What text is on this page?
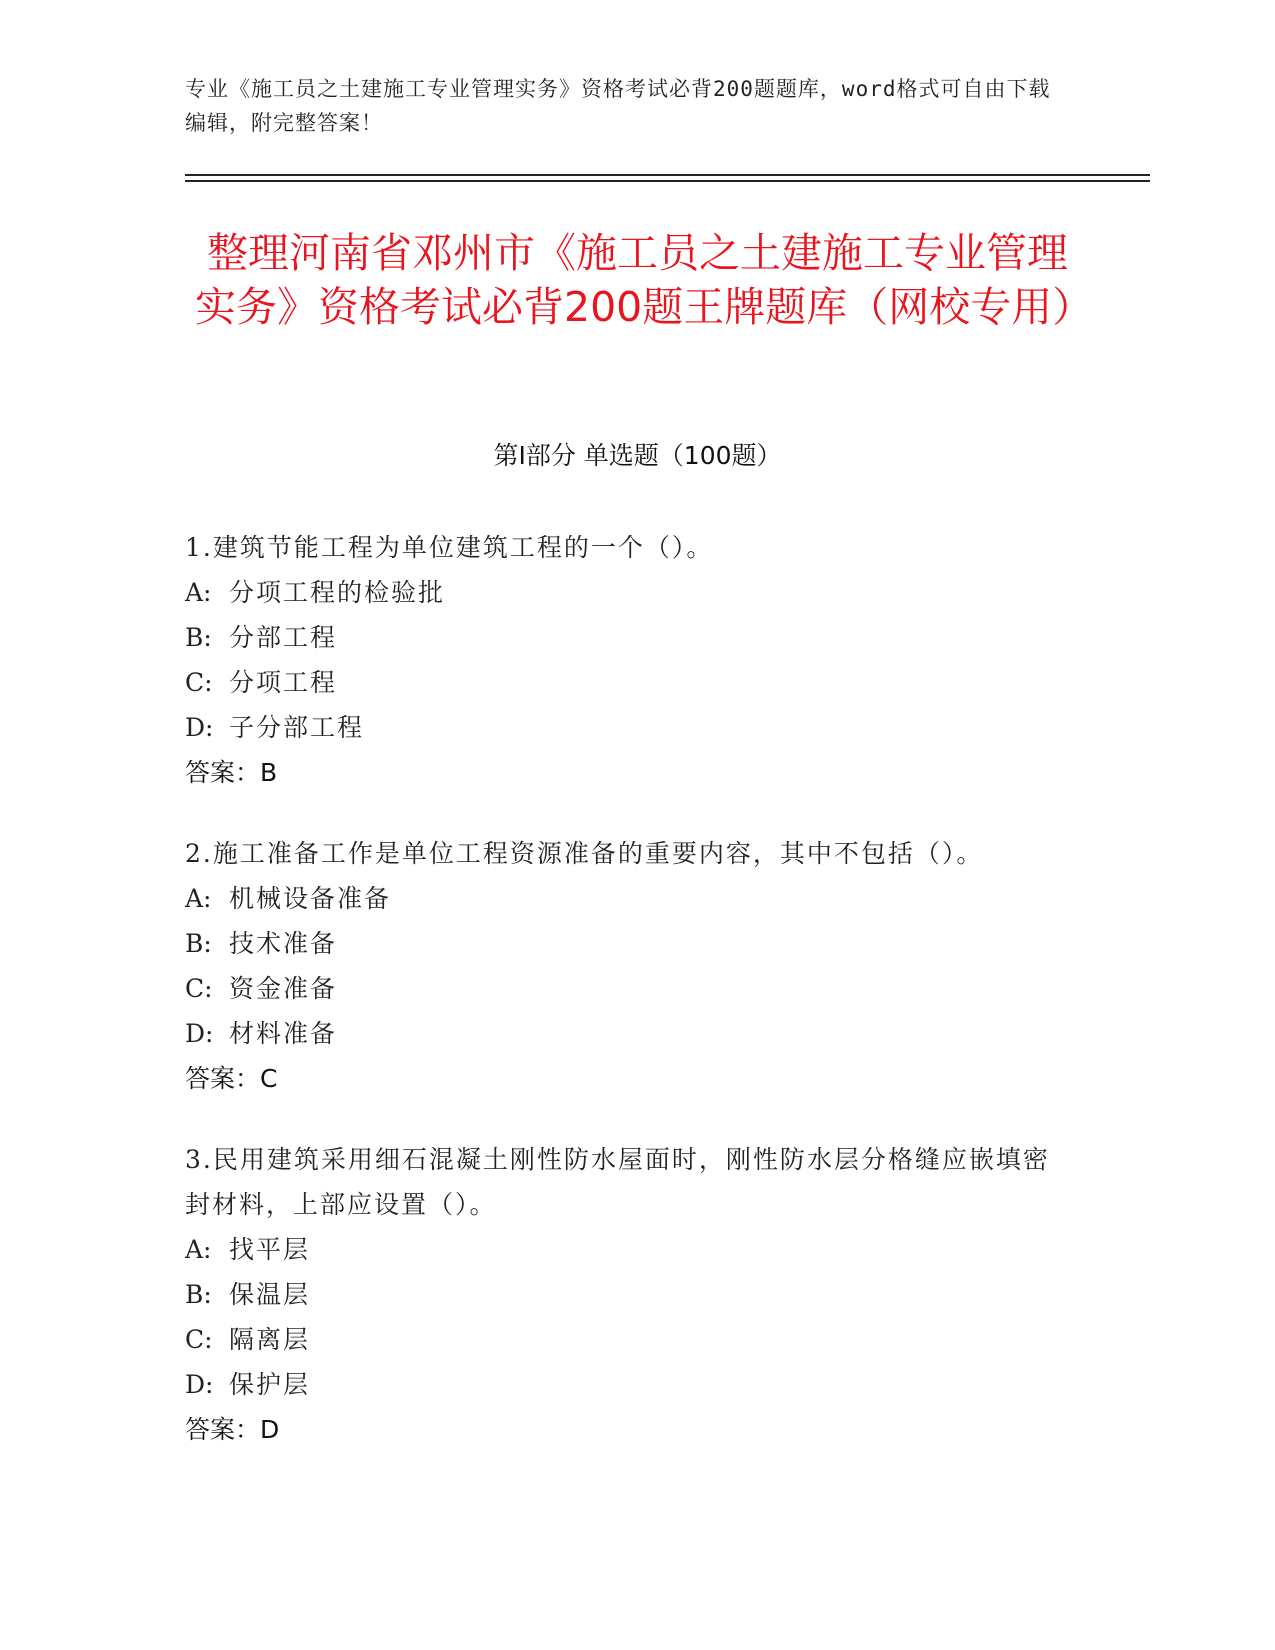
专业《施工员之土建施工专业管理实务》资格考试必背200题题库，word格式可自由下载编辑，附完整答案！
整理河南省邓州市《施工员之土建施工专业管理实务》资格考试必背200题王牌题库（网校专用）
第Ⅰ部分 单选题（100题）
1.建筑节能工程为单位建筑工程的一个（）。
A: 分项工程的检验批
B: 分部工程
C: 分项工程
D: 子分部工程
答案：B
2.施工准备工作是单位工程资源准备的重要内容，其中不包括（）。
A: 机械设备准备
B: 技术准备
C: 资金准备
D: 材料准备
答案：C
3.民用建筑采用细石混凝土刚性防水屋面时，刚性防水层分格缝应嵌填密封材料，上部应设置（）。
A: 找平层
B: 保温层
C: 隔离层
D: 保护层
答案：D
